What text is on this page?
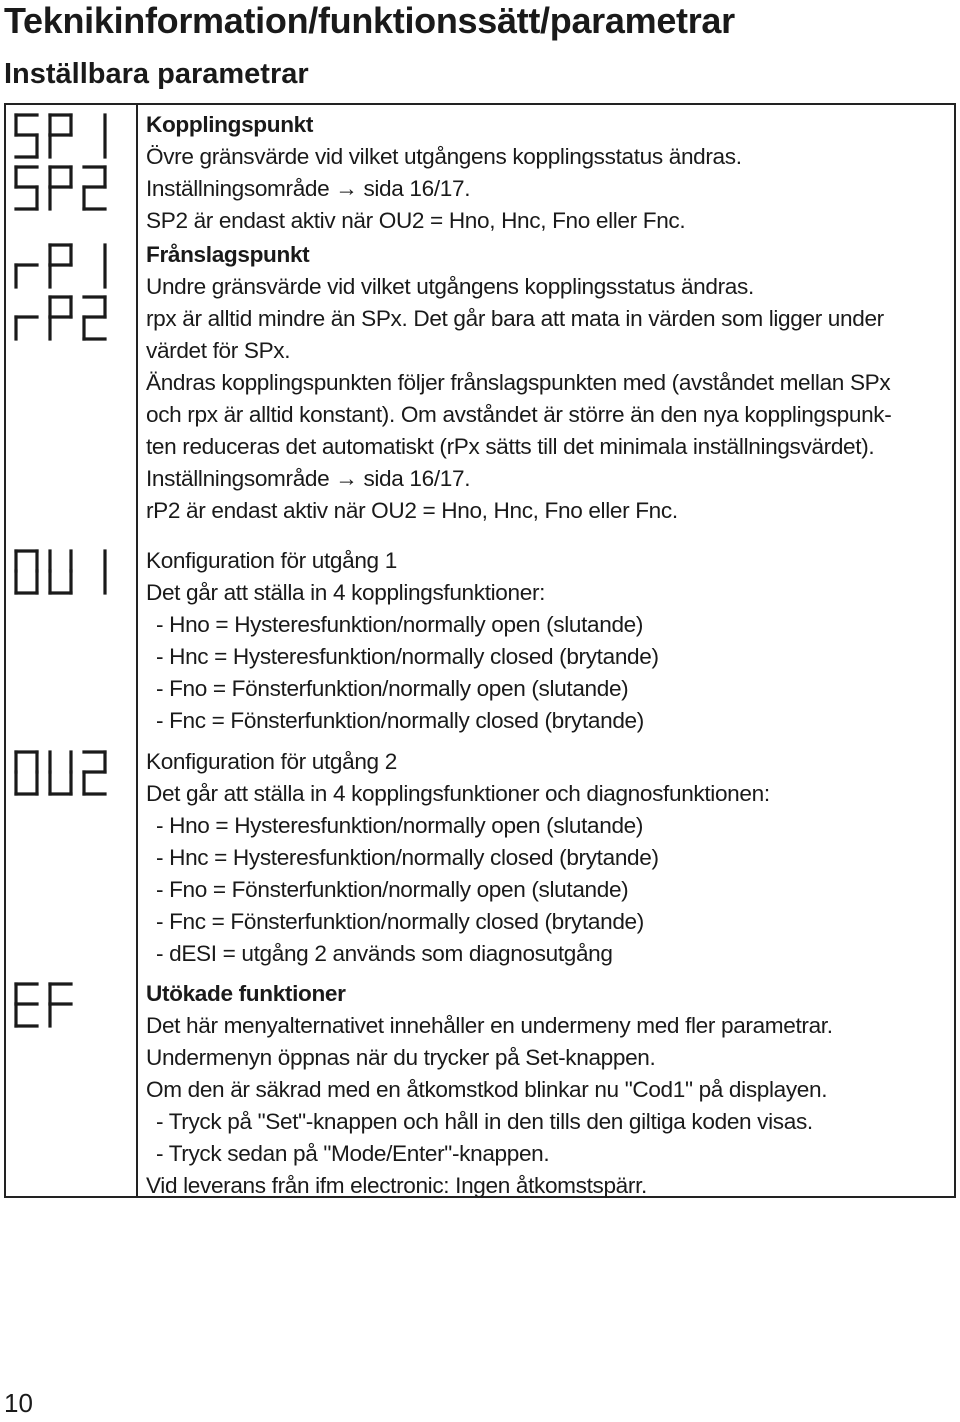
Teknikinformation/funktionssätt/parametrar
Inställbara parametrar
Kopplingspunkt
Övre gränsvärde vid vilket utgångens kopplingsstatus ändras.
Inställningsområde → sida 16/17.
SP2 är endast aktiv när OU2 = Hno, Hnc, Fno eller Fnc.
Frånslagspunkt
Undre gränsvärde vid vilket utgångens kopplingsstatus ändras.
rpx är alltid mindre än SPx. Det går bara att mata in värden som ligger under
värdet för SPx.
Ändras kopplingspunkten följer frånslagspunkten med (avståndet mellan SPx
och rpx är alltid konstant). Om avståndet är större än den nya kopplingspunk-
ten reduceras det automatiskt (rPx sätts till det minimala inställningsvärdet).
Inställningsområde → sida 16/17.
rP2 är endast aktiv när OU2 = Hno, Hnc, Fno eller Fnc.
Konfiguration för utgång 1
Det går att ställa in 4 kopplingsfunktioner:
- Hno = Hysteresfunktion/normally open (slutande)
- Hnc = Hysteresfunktion/normally closed (brytande)
- Fno = Fönsterfunktion/normally open (slutande)
- Fnc = Fönsterfunktion/normally closed (brytande)
Konfiguration för utgång 2
Det går att ställa in 4 kopplingsfunktioner och diagnosfunktionen:
- Hno = Hysteresfunktion/normally open (slutande)
- Hnc = Hysteresfunktion/normally closed (brytande)
- Fno = Fönsterfunktion/normally open (slutande)
- Fnc = Fönsterfunktion/normally closed (brytande)
- dESI = utgång 2 används som diagnosutgång
Utökade funktioner
Det här menyalternativet innehåller en undermeny med fler parametrar.
Undermenyn öppnas när du trycker på Set-knappen.
Om den är säkrad med en åtkomstkod blinkar nu "Cod1" på displayen.
- Tryck på "Set"-knappen och håll in den tills den giltiga koden visas.
- Tryck sedan på "Mode/Enter"-knappen.
Vid leverans från ifm electronic: Ingen åtkomstspärr.
10
